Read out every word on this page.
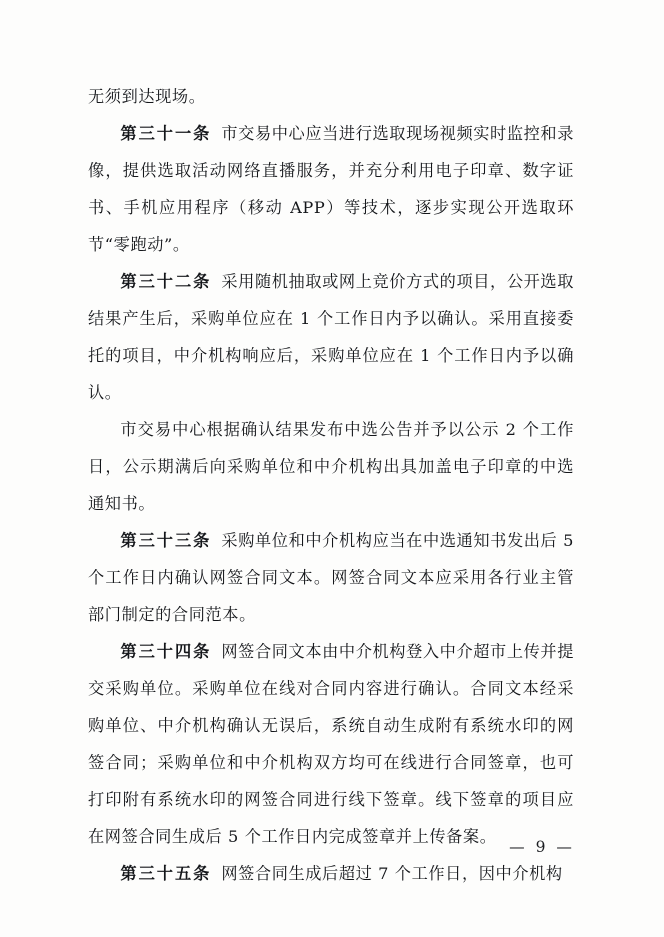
无须到达现场。

第三十一条 市交易中心应当进行选取现场视频实时监控和录像，提供选取活动网络直播服务，并充分利用电子印章、数字证书、手机应用程序（移动 APP）等技术，逐步实现公开选取环节“零跑动”。

第三十二条 采用随机抽取或网上竞价方式的项目，公开选取结果产生后，采购单位应在 1 个工作日内予以确认。采用直接委托的项目，中介机构响应后，采购单位应在 1 个工作日内予以确认。

市交易中心根据确认结果发布中选公告并予以公示 2 个工作日，公示期满后向采购单位和中介机构出具加盖电子印章的中选通知书。

第三十三条 采购单位和中介机构应当在中选通知书发出后 5 个工作日内确认网签合同文本。网签合同文本应采用各行业主管部门制定的合同范本。

第三十四条 网签合同文本由中介机构登入中介超市上传并提交采购单位。采购单位在线对合同内容进行确认。合同文本经采购单位、中介机构确认无误后，系统自动生成附有系统水印的网签合同；采购单位和中介机构双方均可在线进行合同签章，也可打印附有系统水印的网签合同进行线下签章。线下签章的项目应在网签合同生成后 5 个工作日内完成签章并上传备案。

第三十五条 网签合同生成后超过 7 个工作日，因中介机构

— 9 —
